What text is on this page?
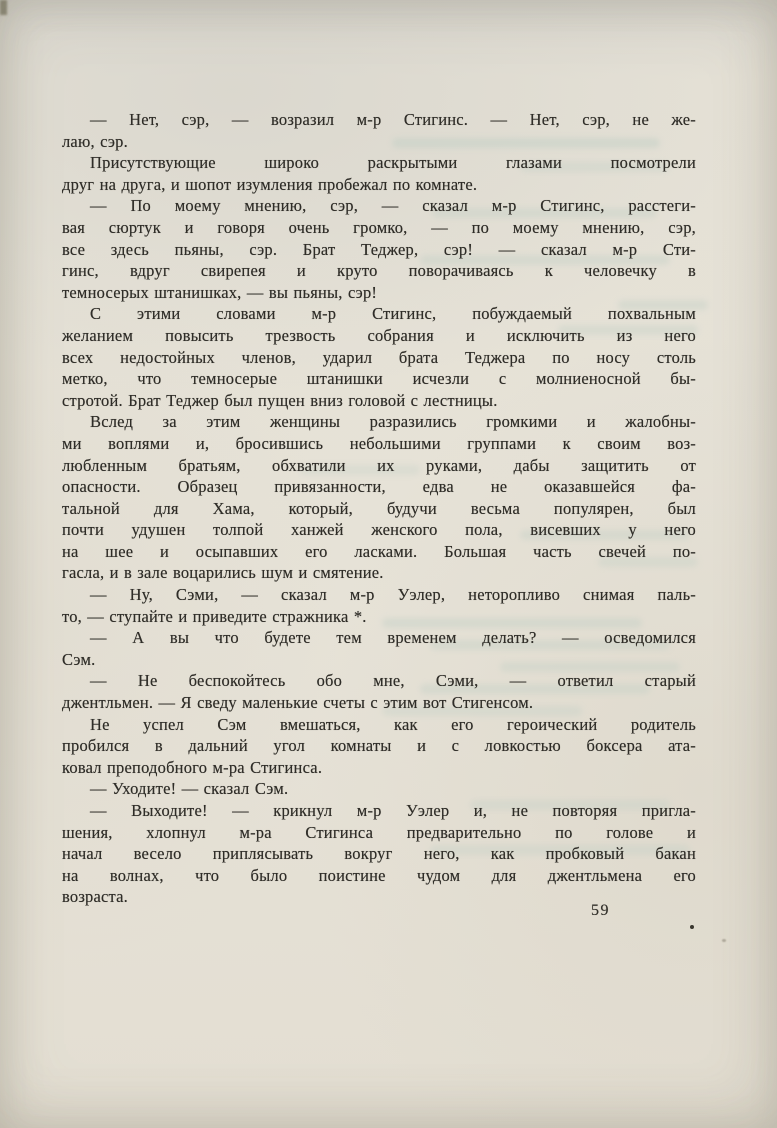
— Нет, сэр, — возразил м-р Стигинс. — Нет, сэр, не же-
лаю, сэр.
Присутствующие широко раскрытыми глазами посмотрели
друг на друга, и шопот изумления пробежал по комнате.
— По моему мнению, сэр, — сказал м-р Стигинс, расстеги-
вая сюртук и говоря очень громко, — по моему мнению, сэр,
все здесь пьяны, сэр. Брат Теджер, сэр! — сказал м-р Сти-
гинс, вдруг свирепея и круто поворачиваясь к человечку в
темносерых штанишках, — вы пьяны, сэр!
С этими словами м-р Стигинс, побуждаемый похвальным
желанием повысить трезвость собрания и исключить из него
всех недостойных членов, ударил брата Теджера по носу столь
метко, что темносерые штанишки исчезли с молниеносной бы-
стротой. Брат Теджер был пущен вниз головой с лестницы.
Вслед за этим женщины разразились громкими и жалобны-
ми воплями и, бросившись небольшими группами к своим воз-
любленным братьям, обхватили их руками, дабы защитить от
опасности. Образец привязанности, едва не оказавшейся фа-
тальной для Хама, который, будучи весьма популярен, был
почти удушен толпой ханжей женского пола, висевших у него
на шее и осыпавших его ласками. Большая часть свечей по-
гасла, и в зале воцарились шум и смятение.
— Ну, Сэми, — сказал м-р Уэлер, неторопливо снимая паль-
то, — ступайте и приведите стражника *.
— А вы что будете тем временем делать? — осведомился
Сэм.
— Не беспокойтесь обо мне, Сэми, — ответил старый
джентльмен. — Я сведу маленькие счеты с этим вот Стигенсом.
Не успел Сэм вмешаться, как его героический родитель
пробился в дальний угол комнаты и с ловкостью боксера ата-
ковал преподобного м-ра Стигинса.
— Уходите! — сказал Сэм.
— Выходите! — крикнул м-р Уэлер и, не повторяя пригла-
шения, хлопнул м-ра Стигинса предварительно по голове и
начал весело приплясывать вокруг него, как пробковый бакан
на волнах, что было поистине чудом для джентльмена его
возраста.
59
